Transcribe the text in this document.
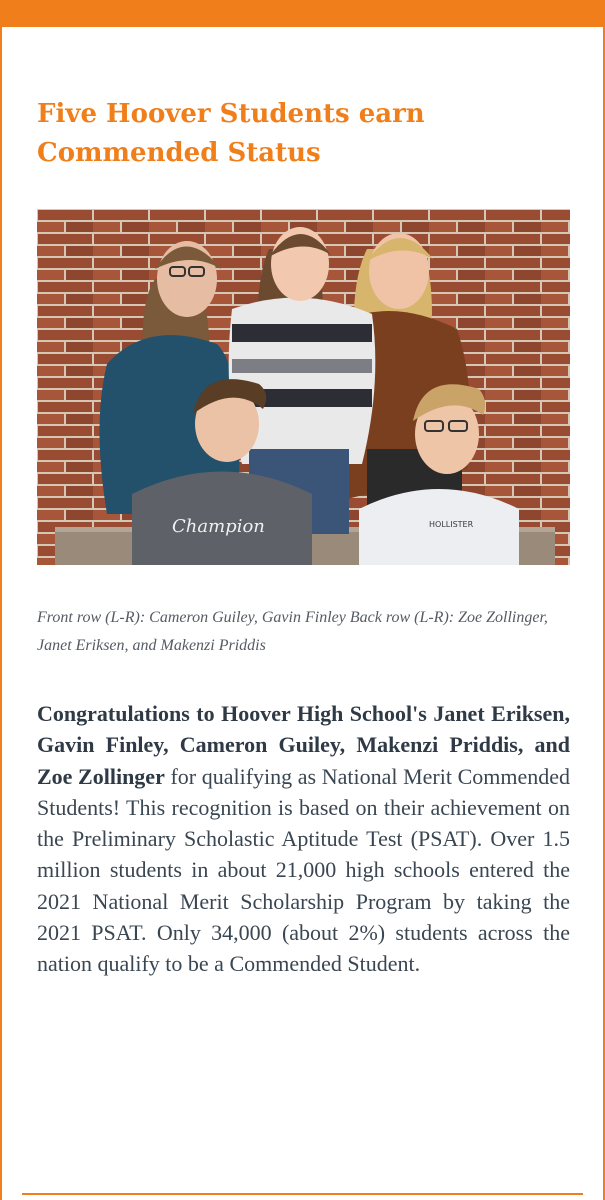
Five Hoover Students earn Commended Status
Champion	HOLLISTER

Front row (L-R): Cameron Guiley, Gavin Finley Back row (L-R): Zoe Zollinger, Janet Eriksen, and Makenzi Priddis

Congratulations to Hoover High School's Janet Eriksen, Gavin Finley, Cameron Guiley, Makenzi Priddis, and Zoe Zollinger for qualifying as National Merit Commended Students! This recognition is based on their achievement on the Preliminary Scholastic Aptitude Test (PSAT). Over 1.5 million students in about 21,000 high schools entered the 2021 National Merit Scholarship Program by taking the 2021 PSAT. Only 34,000 (about 2%) students across the nation qualify to be a Commended Student.
